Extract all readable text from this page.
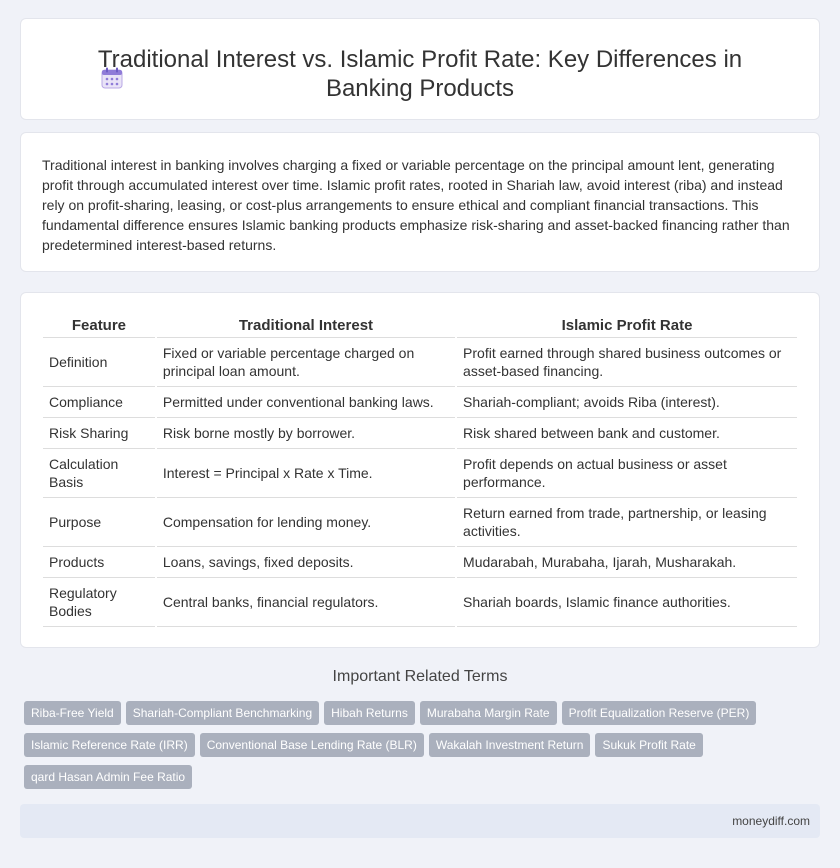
Traditional Interest vs. Islamic Profit Rate: Key Differences in Banking Products

Traditional interest in banking involves charging a fixed or variable percentage on the principal amount lent, generating profit through accumulated interest over time. Islamic profit rates, rooted in Shariah law, avoid interest (riba) and instead rely on profit-sharing, leasing, or cost-plus arrangements to ensure ethical and compliant financial transactions. This fundamental difference ensures Islamic banking products emphasize risk-sharing and asset-backed financing rather than predetermined interest-based returns.

Feature	Traditional Interest	Islamic Profit Rate
Definition	Fixed or variable percentage charged on principal loan amount.	Profit earned through shared business outcomes or asset-based financing.
Compliance	Permitted under conventional banking laws.	Shariah-compliant; avoids Riba (interest).
Risk Sharing	Risk borne mostly by borrower.	Risk shared between bank and customer.
Calculation Basis	Interest = Principal x Rate x Time.	Profit depends on actual business or asset performance.
Purpose	Compensation for lending money.	Return earned from trade, partnership, or leasing activities.
Products	Loans, savings, fixed deposits.	Mudarabah, Murabaha, Ijarah, Musharakah.
Regulatory Bodies	Central banks, financial regulators.	Shariah boards, Islamic finance authorities.
Important Related Terms
Riba-Free Yield Shariah-Compliant Benchmarking Hibah Returns Murabaha Margin Rate Profit Equalization Reserve (PER)Islamic Reference Rate (IRR) Conventional Base Lending Rate (BLR) Wakalah Investment Return Sukuk Profit Rateqard Hasan Admin Fee Ratio
moneydiff.com
